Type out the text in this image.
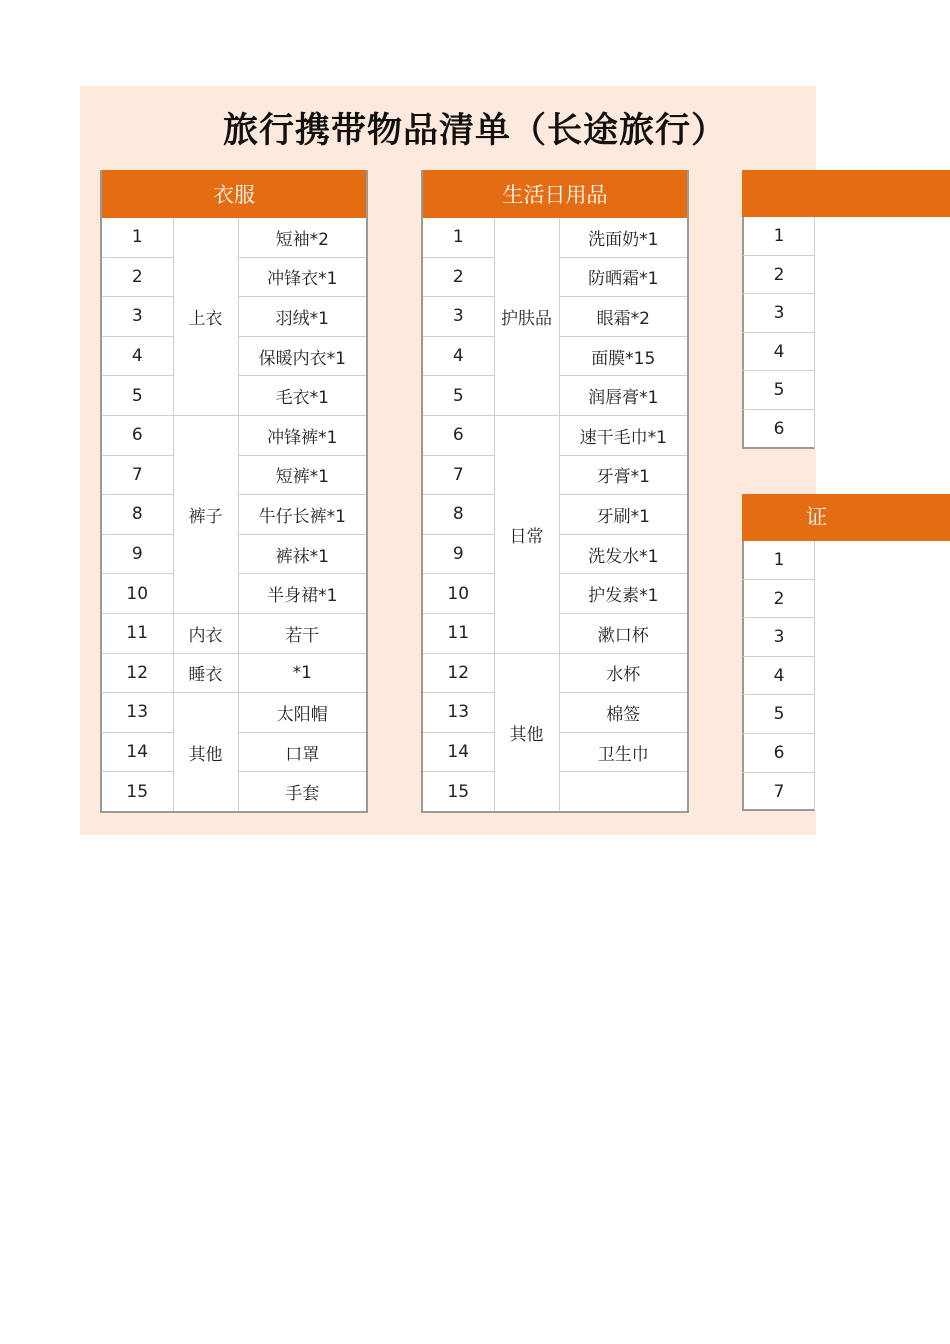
旅行携带物品清单（长途旅行）
衣服		
1	上衣	短袖*2
2		冲锋衣*1
3		羽绒*1
4		保暖内衣*1
5		毛衣*1
6	裤子	冲锋裤*1
7		短裤*1
8		牛仔长裤*1
9		裤袜*1
10		半身裙*1
11	内衣	若干
12	睡衣	*1
13	其他	太阳帽
14		口罩
15		手套
生活日用品		
1	护肤品	洗面奶*1
2		防晒霜*1
3		眼霜*2
4		面膜*15
5		润唇膏*1
6	日常	速干毛巾*1
7		牙膏*1
8		牙刷*1
9		洗发水*1
10		护发素*1
11		漱口杯
12	其他	水杯
13		棉签
14		卫生巾
15		
1
2
3
4
5
6
证
1
2
3
4
5
6
7
